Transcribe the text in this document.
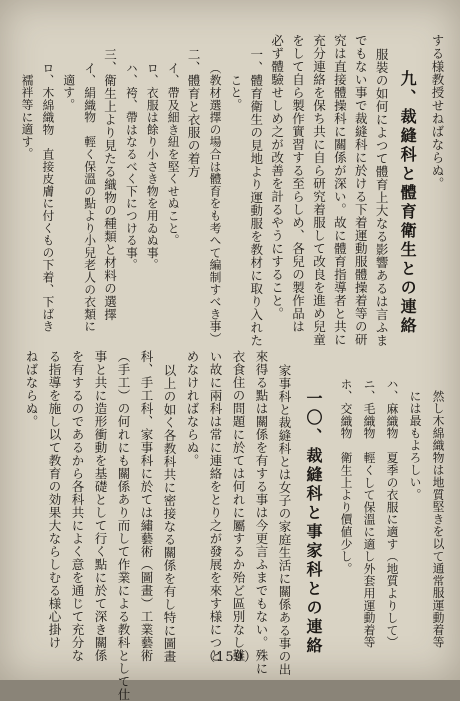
する様教授せねばならぬ。
九、裁縫科と體育衛生との連絡
服裝の如何によつて體育上大なる影響あるは言ふま
でもない事で裁縫科に於ける下着運動服體操着等の研
究は直接體操科に關係が深い。故に體育指導者と共に
充分連絡を保ち共に自ら研究着服して改良を進め兒童
をして自ら製作實習する至らしめ、各兒の製作品は
必ず體驗せしめ之が改善を計るやうにすること。
一、體育衛生の見地より運動服を教材に取り入れた
こと。
（教材選擇の場合は體育をも考へて編制すべき事）
二、體育と衣服の着方
イ、帶及細き紐を堅くせぬこと。
ロ、衣服は餘り小さき物を用ゐぬ事。
ハ、袴、帶はなるべく下につける事。
三、衛生上より見たる織物の種類と材料の選擇
イ、絹織物　輕く保溫の點より小兒老人の衣類に
適す。
ロ、木綿織物　直接皮膚に付くもの下着、下ばき
襦袢等に適す。
然し木綿織物は地質堅きを以て通常服運動着等
には最もよろしい。
ハ、麻織物　夏季の衣服に適す（地質よりして）
ニ、毛織物　輕くして保溫に適し外套用運動着等
ホ、交織物　衛生上より價値少し。
一〇、裁縫科と事家科との連絡
家事科と裁縫科とは女子の家庭生活に關係ある事の出
來得る點は關係を有する事は今更言ふまでもない。殊に
衣食住の問題に於ては何れに屬するか殆ど區別なし難
い故に兩科は常に連絡をとり之が發展を來す様につと
めなければならぬ。
以上の如く各教科共に密接なる關係を有し特に圖畫
科、手工科、家事科に於ては繡藝術（圖畫）工業藝術
（手工）の何れにも關係あり而して作業による教科として仕
事と共に造形衝動を基礎として行く點に於て深き關係
を有するのであるから各科共によく意を通じて充分な
る指導を施し以て教育の効果大ならしむる様心掛け
ねばならぬ。
（159）
